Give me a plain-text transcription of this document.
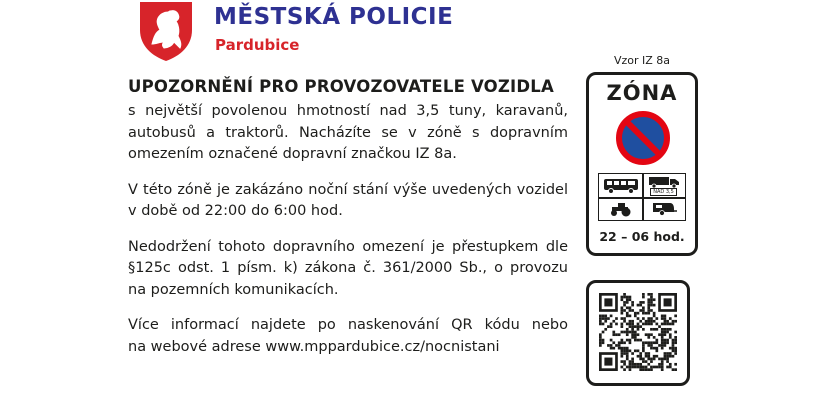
MĚSTSKÁ POLICIE
Pardubice
UPOZORNĚNÍ PRO PROVOZOVATELE VOZIDLA
s největší povolenou hmotností nad 3,5 tuny, karavanů,
autobusů a traktorů. Nacházíte se v zóně s dopravním
omezením označené dopravní značkou IZ 8a.
V této zóně je zakázáno noční stání výše uvedených vozidel
v době od 22:00 do 6:00 hod.
Nedodržení tohoto dopravního omezení je přestupkem dle
§125c odst. 1 písm. k) zákona č. 361/2000 Sb., o provozu
na pozemních komunikacích.
Více informací najdete po naskenování QR kódu nebo
na webové adrese www.mppardubice.cz/nocnistani
Vzor IZ 8a
ZÓNA
NAD 3,5
22 – 06 hod.
